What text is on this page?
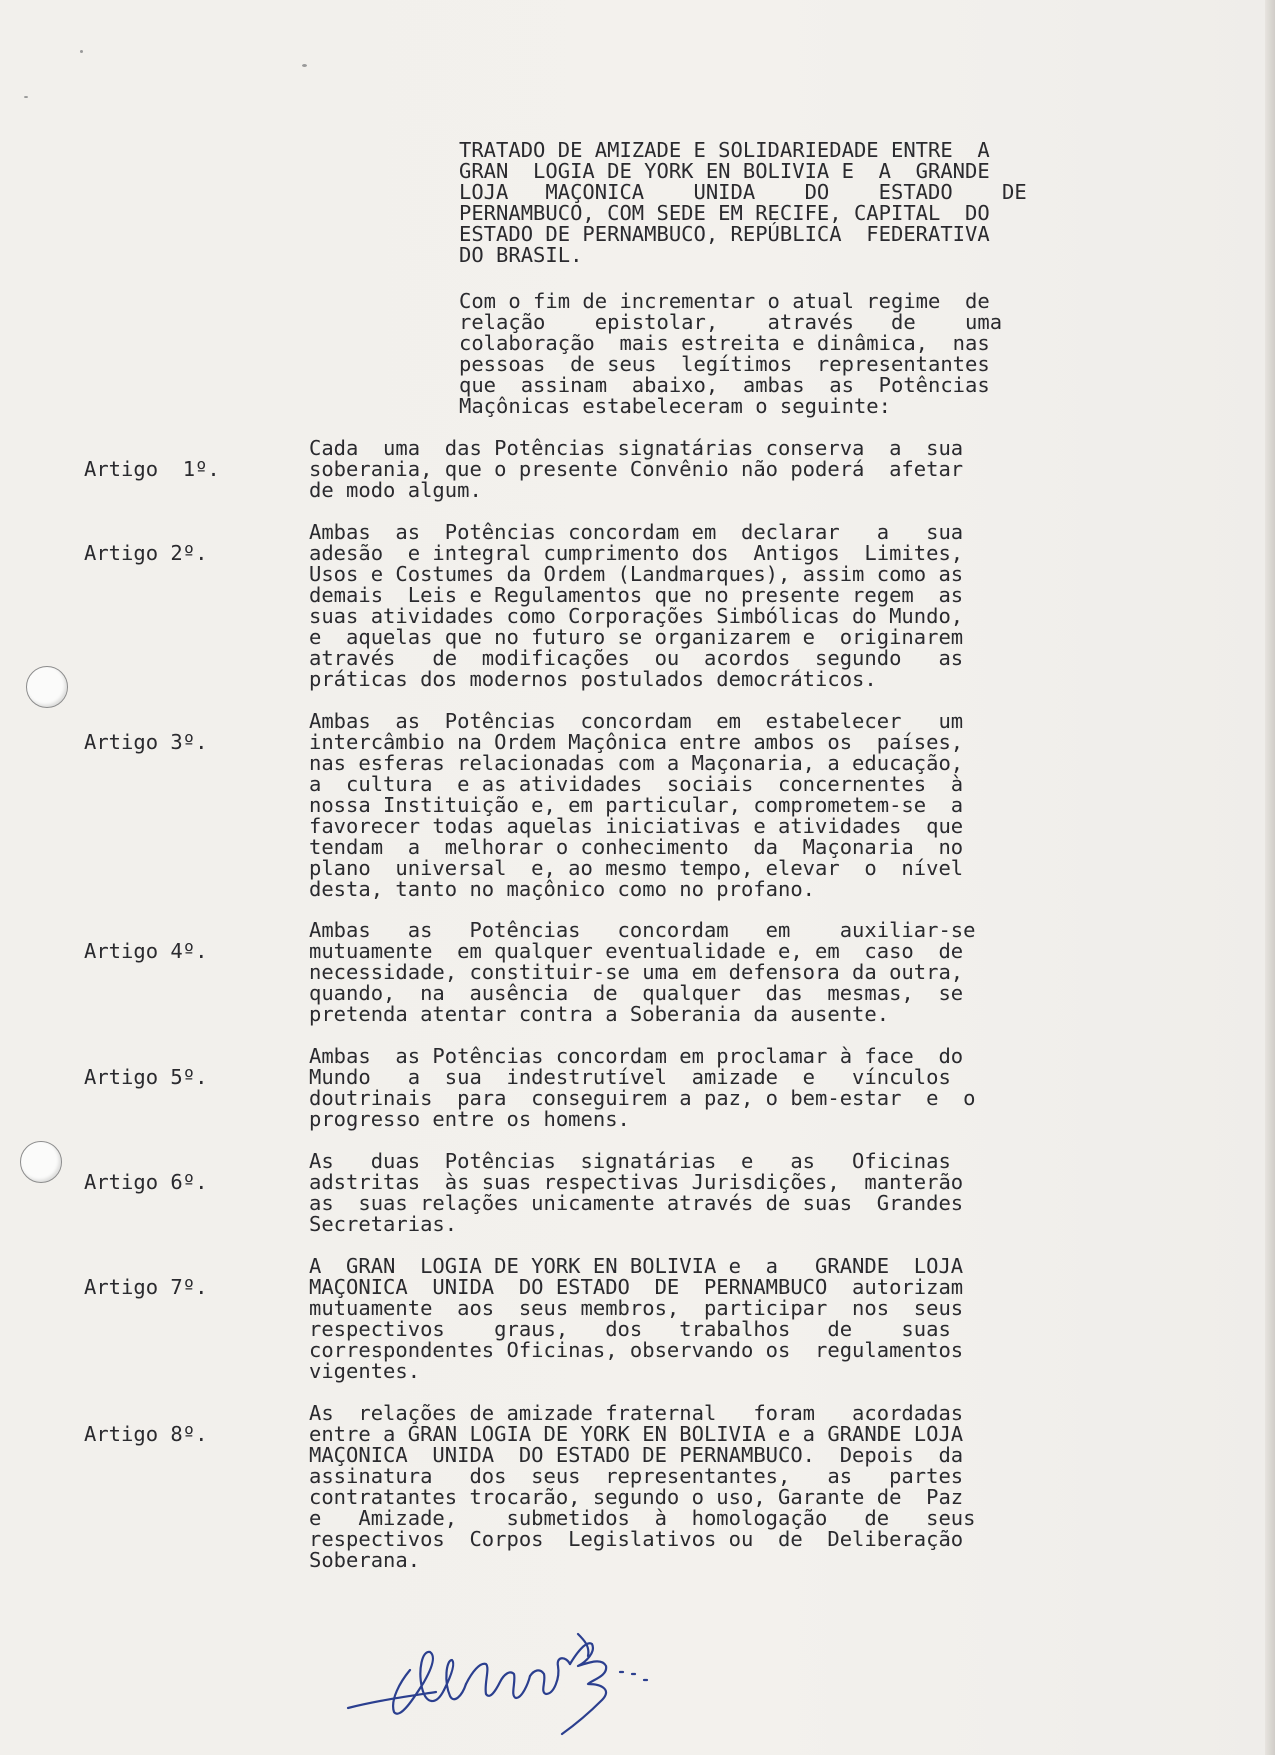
TRATADO DE AMIZADE E SOLIDARIEDADE ENTRE  A
GRAN  LOGIA DE YORK EN BOLIVIA E  A  GRANDE
LOJA   MAÇONICA    UNIDA    DO    ESTADO    DE
PERNAMBUCO, COM SEDE EM RECIFE, CAPITAL  DO
ESTADO DE PERNAMBUCO, REPÚBLICA  FEDERATIVA
DO BRASIL.
Com o fim de incrementar o atual regime  de
relação    epistolar,    através   de    uma
colaboração  mais estreita e dinâmica,  nas
pessoas  de seus  legítimos  representantes
que  assinam  abaixo,  ambas  as  Potências
Maçônicas estabeleceram o seguinte:
Artigo  1º.
Cada  uma  das Potências signatárias conserva  a  sua
soberania, que o presente Convênio não poderá  afetar
de modo algum.
Artigo 2º.
Ambas  as  Potências concordam em  declarar   a   sua
adesão  e integral cumprimento dos  Antigos  Limites,
Usos e Costumes da Ordem (Landmarques), assim como as
demais  Leis e Regulamentos que no presente regem  as
suas atividades como Corporações Simbólicas do Mundo,
e  aquelas que no futuro se organizarem e  originarem
através   de  modificações  ou  acordos  segundo   as
práticas dos modernos postulados democráticos.
Artigo 3º.
Ambas  as  Potências  concordam  em  estabelecer   um
intercâmbio na Ordem Maçônica entre ambos os  países,
nas esferas relacionadas com a Maçonaria, a educação,
a  cultura  e as atividades  sociais  concernentes  à
nossa Instituição e, em particular, comprometem-se  a
favorecer todas aquelas iniciativas e atividades  que
tendam  a  melhorar o conhecimento  da  Maçonaria  no
plano  universal  e, ao mesmo tempo, elevar  o  nível
desta, tanto no maçônico como no profano.
Artigo 4º.
Ambas   as   Potências   concordam   em    auxiliar-se
mutuamente  em qualquer eventualidade e, em  caso  de
necessidade, constituir-se uma em defensora da outra,
quando,  na  ausência  de  qualquer  das  mesmas,  se
pretenda atentar contra a Soberania da ausente.
Artigo 5º.
Ambas  as Potências concordam em proclamar à face  do
Mundo   a  sua  indestrutível  amizade  e   vínculos
doutrinais  para  conseguirem a paz, o bem-estar  e  o
progresso entre os homens.
Artigo 6º.
As   duas  Potências  signatárias  e   as   Oficinas
adstritas  às suas respectivas Jurisdições,  manterão
as  suas relações unicamente através de suas  Grandes
Secretarias.
Artigo 7º.
A  GRAN  LOGIA DE YORK EN BOLIVIA e  a   GRANDE  LOJA
MAÇONICA  UNIDA  DO ESTADO  DE  PERNAMBUCO  autorizam
mutuamente  aos  seus membros,  participar  nos  seus
respectivos    graus,   dos   trabalhos   de    suas
correspondentes Oficinas, observando os  regulamentos
vigentes.
Artigo 8º.
As  relações de amizade fraternal   foram   acordadas
entre a GRAN LOGIA DE YORK EN BOLIVIA e a GRANDE LOJA
MAÇONICA  UNIDA  DO ESTADO DE PERNAMBUCO.  Depois  da
assinatura   dos  seus  representantes,   as   partes
contratantes trocarão, segundo o uso, Garante de  Paz
e   Amizade,    submetidos  à  homologação   de   seus
respectivos  Corpos  Legislativos ou  de  Deliberação
Soberana.
